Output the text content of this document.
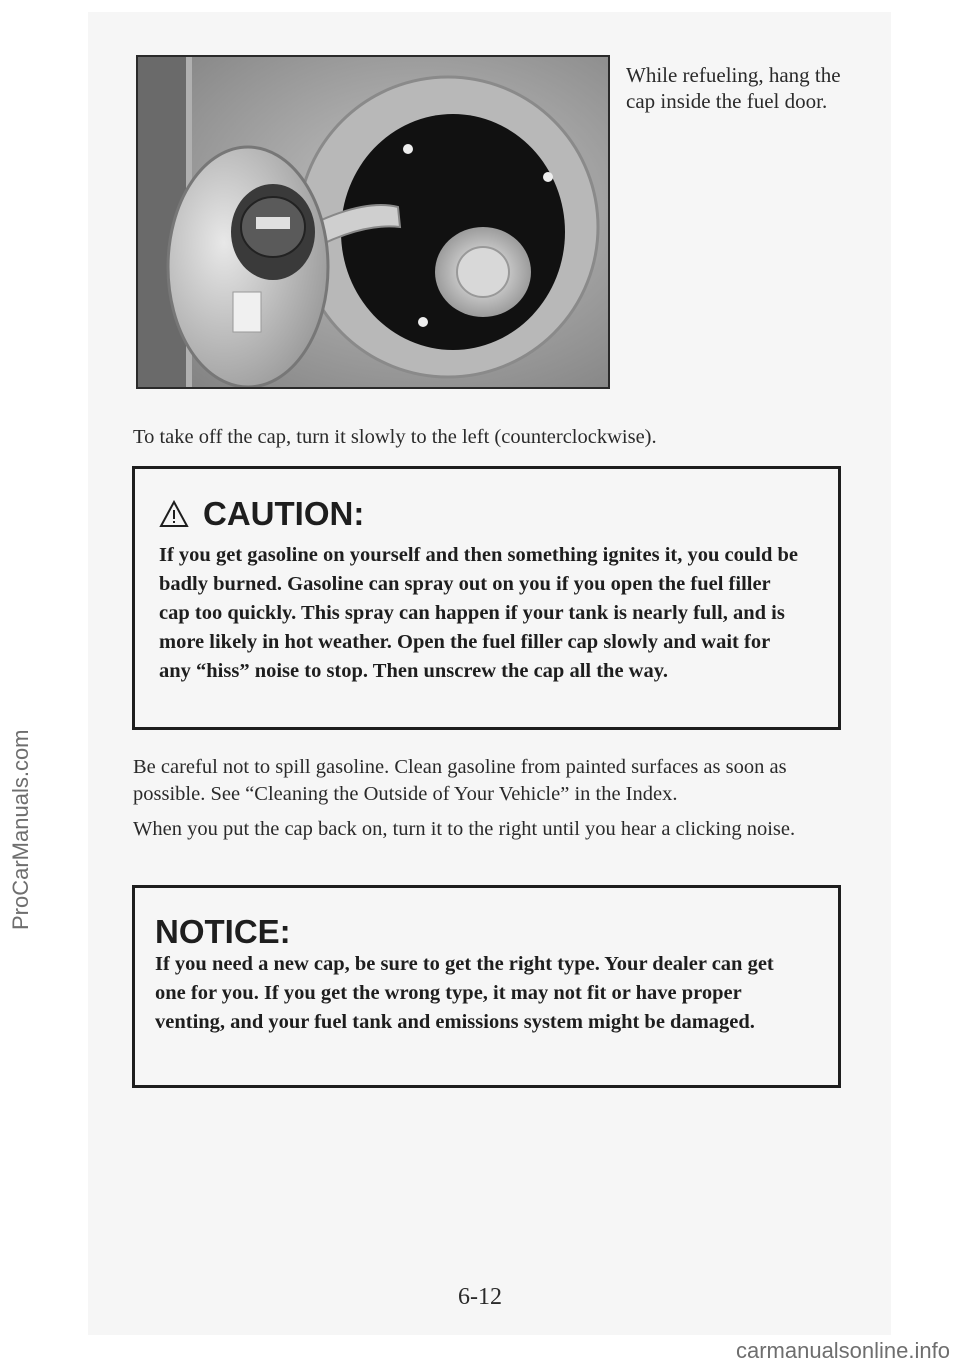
While refueling, hang the cap inside the fuel door.
To take off the cap, turn it slowly to the left (counterclockwise).
CAUTION:
If you get gasoline on yourself and then something ignites it, you could be badly burned. Gasoline can spray out on you if you open the fuel filler cap too quickly. This spray can happen if your tank is nearly full, and is more likely in hot weather. Open the fuel filler cap slowly and wait for any “hiss” noise to stop. Then unscrew the cap all the way.
Be careful not to spill gasoline. Clean gasoline from painted surfaces as soon as possible. See “Cleaning the Outside of Your Vehicle” in the Index.
When you put the cap back on, turn it to the right until you hear a clicking noise.
NOTICE:
If you need a new cap, be sure to get the right type. Your dealer can get one for you. If you get the wrong type, it may not fit or have proper venting, and your fuel tank and emissions system might be damaged.
6-12
ProCarManuals.com
carmanualsonline.info
